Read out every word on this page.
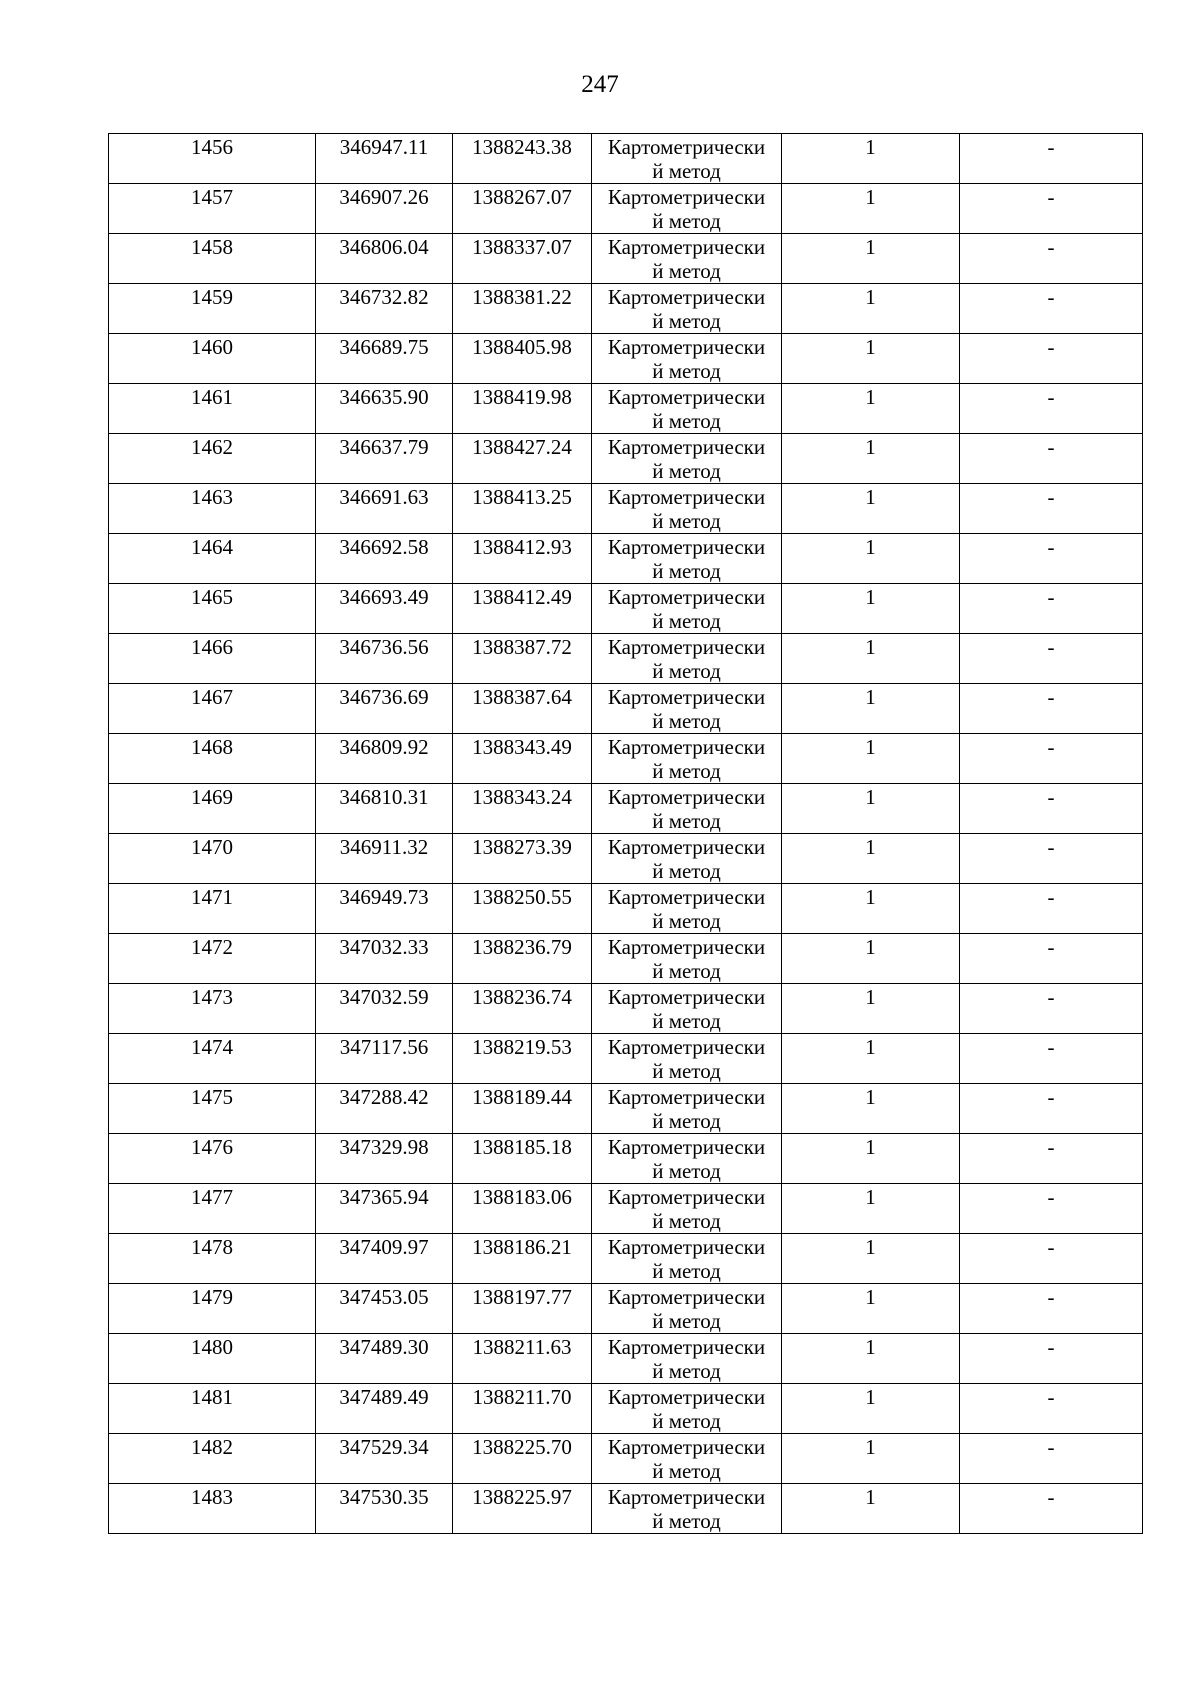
247
1456	346947.11	1388243.38	Картометрически
й метод	1	-

1457	346907.26	1388267.07	Картометрически
й метод	1	-

1458	346806.04	1388337.07	Картометрически
й метод	1	-

1459	346732.82	1388381.22	Картометрически
й метод	1	-

1460	346689.75	1388405.98	Картометрически
й метод	1	-

1461	346635.90	1388419.98	Картометрически
й метод	1	-

1462	346637.79	1388427.24	Картометрически
й метод	1	-

1463	346691.63	1388413.25	Картометрически
й метод	1	-

1464	346692.58	1388412.93	Картометрически
й метод	1	-

1465	346693.49	1388412.49	Картометрически
й метод	1	-

1466	346736.56	1388387.72	Картометрически
й метод	1	-

1467	346736.69	1388387.64	Картометрически
й метод	1	-

1468	346809.92	1388343.49	Картометрически
й метод	1	-

1469	346810.31	1388343.24	Картометрически
й метод	1	-

1470	346911.32	1388273.39	Картометрически
й метод	1	-

1471	346949.73	1388250.55	Картометрически
й метод	1	-

1472	347032.33	1388236.79	Картометрически
й метод	1	-

1473	347032.59	1388236.74	Картометрически
й метод	1	-

1474	347117.56	1388219.53	Картометрически
й метод	1	-

1475	347288.42	1388189.44	Картометрически
й метод	1	-

1476	347329.98	1388185.18	Картометрически
й метод	1	-

1477	347365.94	1388183.06	Картометрически
й метод	1	-

1478	347409.97	1388186.21	Картометрически
й метод	1	-

1479	347453.05	1388197.77	Картометрически
й метод	1	-

1480	347489.30	1388211.63	Картометрически
й метод	1	-

1481	347489.49	1388211.70	Картометрически
й метод	1	-

1482	347529.34	1388225.70	Картометрически
й метод	1	-

1483	347530.35	1388225.97	Картометрически
й метод	1	-
